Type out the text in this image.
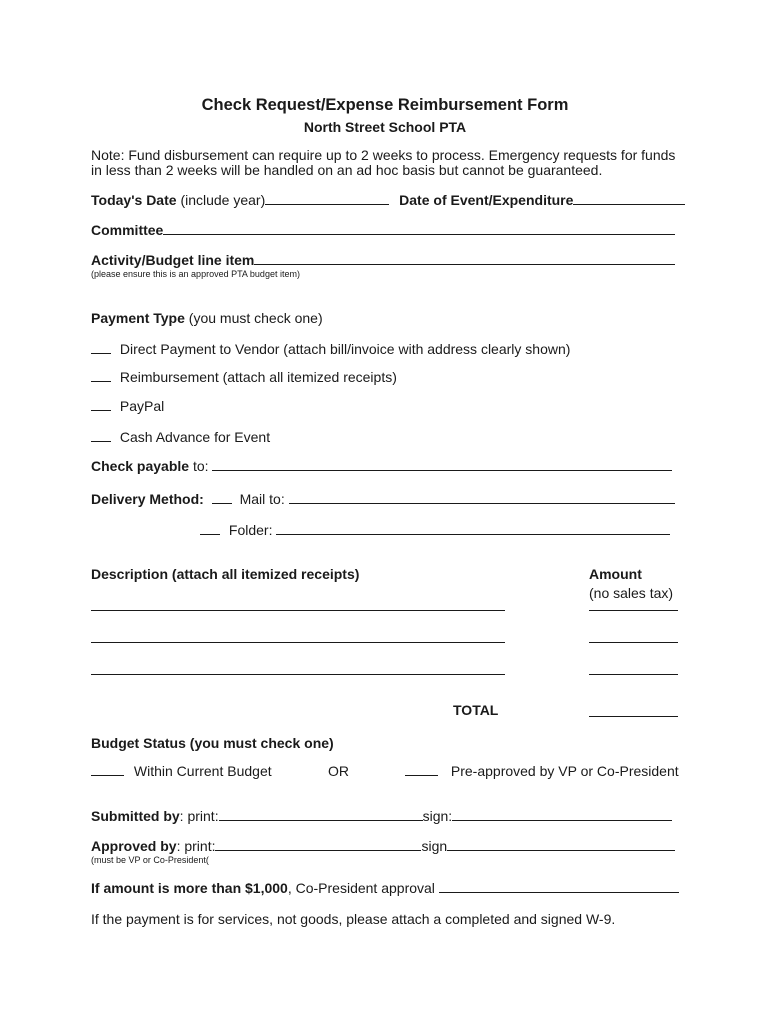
Check Request/Expense Reimbursement Form
North Street School PTA
Note: Fund disbursement can require up to 2 weeks to process. Emergency requests for funds
in less than 2 weeks will be handled on an ad hoc basis but cannot be guaranteed.
Today's Date (include year)	Date of Event/Expenditure
Committee
Activity/Budget line item
(please ensure this is an approved PTA budget item)
Payment Type (you must check one)
Direct Payment to Vendor (attach bill/invoice with address clearly shown)
Reimbursement (attach all itemized receipts)
PayPal
Cash Advance for Event
Check payable to:
Delivery Method:	Mail to:
Folder:
Description (attach all itemized receipts)	Amount
(no sales tax)
TOTAL
Budget Status (you must check one)
Within Current Budget	OR	Pre-approved by VP or Co-President
Submitted by: print:	sign:
Approved by: print:	sign
(must be VP or Co-President(
If amount is more than $1,000, Co-President approval
If the payment is for services, not goods, please attach a completed and signed W-9.
